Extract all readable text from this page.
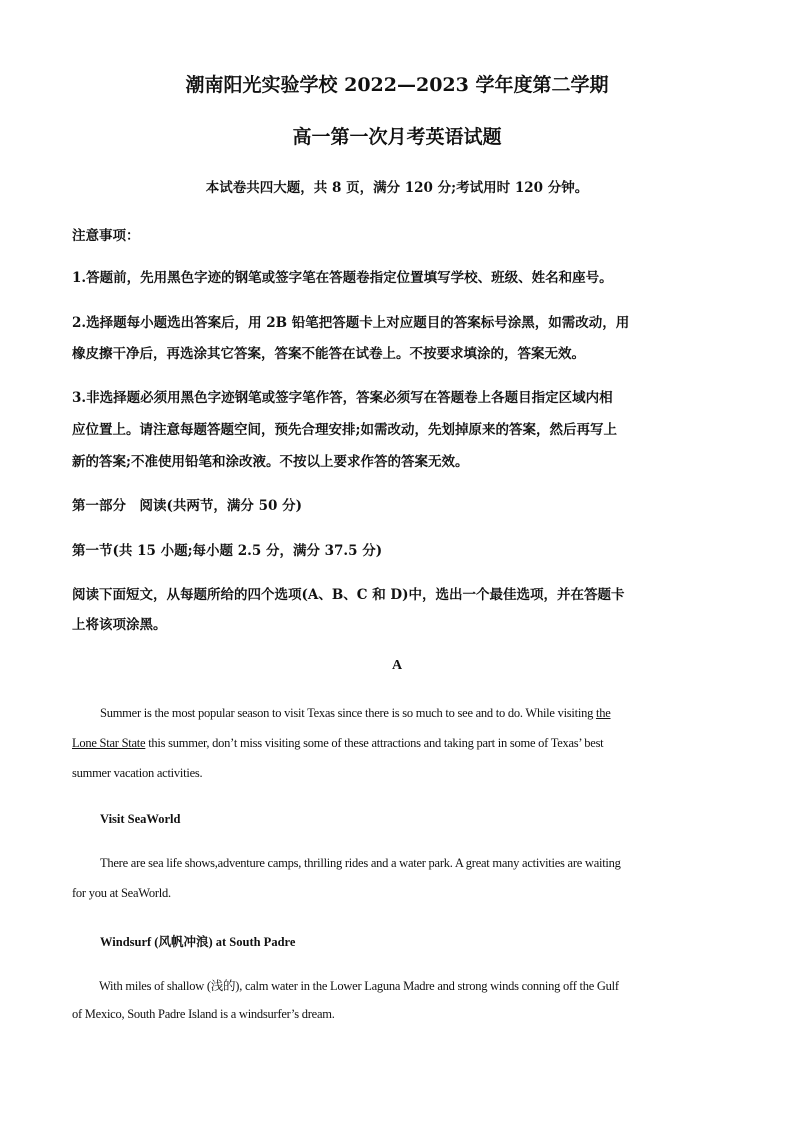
潮南阳光实验学校 2022—2023 学年度第二学期
高一第一次月考英语试题
本试卷共四大题，共 8 页，满分 120 分;考试用时 120 分钟。
注意事项：
1.答题前，先用黑色字迹的钢笔或签字笔在答题卷指定位置填写学校、班级、姓名和座号。
2.选择题每小题选出答案后，用 2B 铅笔把答题卡上对应题目的答案标号涂黑，如需改动，用
橡皮擦干净后，再选涂其它答案，答案不能答在试卷上。不按要求填涂的，答案无效。
3.非选择题必须用黑色字迹钢笔或签字笔作答，答案必须写在答题卷上各题目指定区域内相
应位置上。请注意每题答题空间，预先合理安排;如需改动，先划掉原来的答案，然后再写上
新的答案;不准使用铅笔和涂改液。不按以上要求作答的答案无效。
第一部分　阅读(共两节，满分 50 分)
第一节(共 15 小题;每小题 2.5 分，满分 37.5 分)
阅读下面短文，从每题所给的四个选项(A、B、C 和 D)中，选出一个最佳选项，并在答题卡
上将该项涂黑。
A
Summer is the most popular season to visit Texas since there is so much to see and to do. While visiting the
Lone Star State this summer, don’t miss visiting some of these attractions and taking part in some of Texas’ best
summer vacation activities.
Visit SeaWorld
There are sea life shows,adventure camps, thrilling rides and a water park. A great many activities are waiting
for you at SeaWorld.
Windsurf (风帆冲浪) at South Padre
With miles of shallow (浅的), calm water in the Lower Laguna Madre and strong winds conning off the Gulf
of Mexico, South Padre Island is a windsurfer’s dream.
